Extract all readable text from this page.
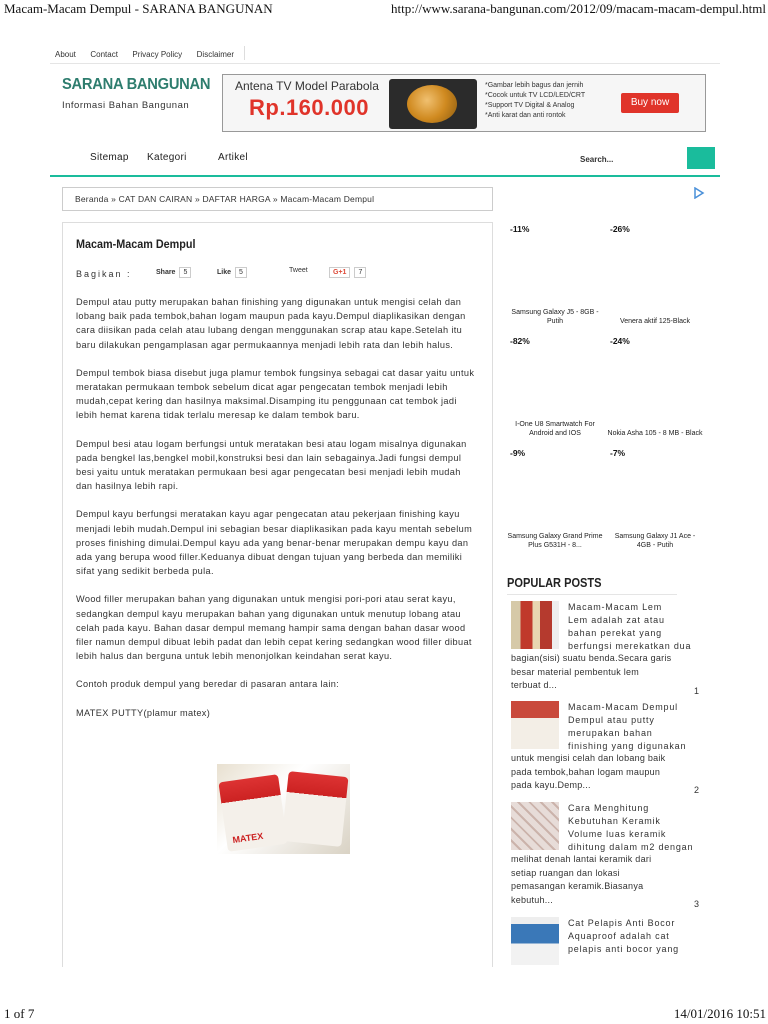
Macam-Macam Dempul - SARANA BANGUNAN	http://www.sarana-bangunan.com/2012/09/macam-macam-dempul.html
About Contact Privacy Policy Disclaimer
SARANA BANGUNAN
Informasi Bahan Bangunan
Antena TV Model Parabola
Rp.160.000
*Gambar lebih bagus dan jernih
*Cocok untuk TV LCD/LED/CRT
*Support TV Digital & Analog
*Anti karat dan anti rontok
Buy now
Sitemap Kategori	Artikel
Search...
Beranda » CAT DAN CAIRAN » DAFTAR HARGA » Macam-Macam Dempul
Macam-Macam Dempul
Bagikan :	Share 5	Like 5	Tweet	G+1 7

Dempul atau putty merupakan bahan finishing yang digunakan untuk mengisi celah dan lobang baik pada tembok,bahan logam maupun pada kayu.Dempul diaplikasikan dengan cara diisikan pada celah atau lubang dengan menggunakan scrap atau kape.Setelah itu baru dilakukan pengamplasan agar permukaannya menjadi lebih rata dan lebih halus.

Dempul tembok biasa disebut juga plamur tembok fungsinya sebagai cat dasar yaitu untuk meratakan permukaan tembok sebelum dicat agar pengecatan tembok menjadi lebih mudah,cepat kering dan hasilnya maksimal.Disamping itu penggunaan cat tembok jadi lebih hemat karena tidak terlalu meresap ke dalam tembok baru.

Dempul besi atau logam berfungsi untuk meratakan besi atau logam misalnya digunakan pada bengkel las,bengkel mobil,konstruksi besi dan lain sebagainya.Jadi fungsi dempul besi yaitu untuk meratakan permukaan besi agar pengecatan besi menjadi lebih mudah dan hasilnya lebih rapi.

Dempul kayu berfungsi meratakan kayu agar pengecatan atau pekerjaan finishing kayu menjadi lebih mudah.Dempul ini sebagian besar diaplikasikan pada kayu mentah sebelum proses finishing dimulai.Dempul kayu ada yang benar-benar merupakan dempu kayu dan ada yang berupa wood filler.Keduanya dibuat dengan tujuan yang berbeda dan memiliki sifat yang sedikit berbeda pula.

Wood filler merupakan bahan yang digunakan untuk mengisi pori-pori atau serat kayu, sedangkan dempul kayu merupakan bahan yang digunakan untuk menutup lobang atau celah pada kayu. Bahan dasar dempul memang hampir sama dengan bahan dasar wood filer namun dempul dibuat lebih padat dan lebih cepat kering sedangkan wood filler dibuat lebih halus dan berguna untuk lebih menonjolkan keindahan serat kayu.

Contoh produk dempul yang beredar di pasaran antara lain:

MATEX PUTTY(plamur matex)

MATEX
-11%
Samsung Galaxy J5 - 8GB - Putih
-26%
Venera aktif 125-Black
-82%
I-One U8 Smartwatch For Android and IOS
-24%
Nokia Asha 105 - 8 MB - Black
-9%
Samsung Galaxy Grand Prime Plus G531H - 8...
-7%
Samsung Galaxy J1 Ace - 4GB - Putih
POPULAR POSTS
Macam-Macam Lem
Lem adalah zat atau
bahan perekat yang
berfungsi merekatkan dua
bagian(sisi) suatu benda.Secara garis
besar material pembentuk lem
terbuat d...
1
Macam-Macam Dempul
Dempul atau putty
merupakan bahan
finishing yang digunakan
untuk mengisi celah dan lobang baik
pada tembok,bahan logam maupun
pada kayu.Demp...	2
Cara Menghitung
Kebutuhan Keramik
Volume luas keramik
dihitung dalam m2 dengan
melihat denah lantai keramik dari
setiap ruangan dan lokasi
pemasangan keramik.Biasanya
kebutuh...	3
Cat Pelapis Anti Bocor
Aquaproof adalah cat
pelapis anti bocor yang
1 of 7	14/01/2016 10:51
